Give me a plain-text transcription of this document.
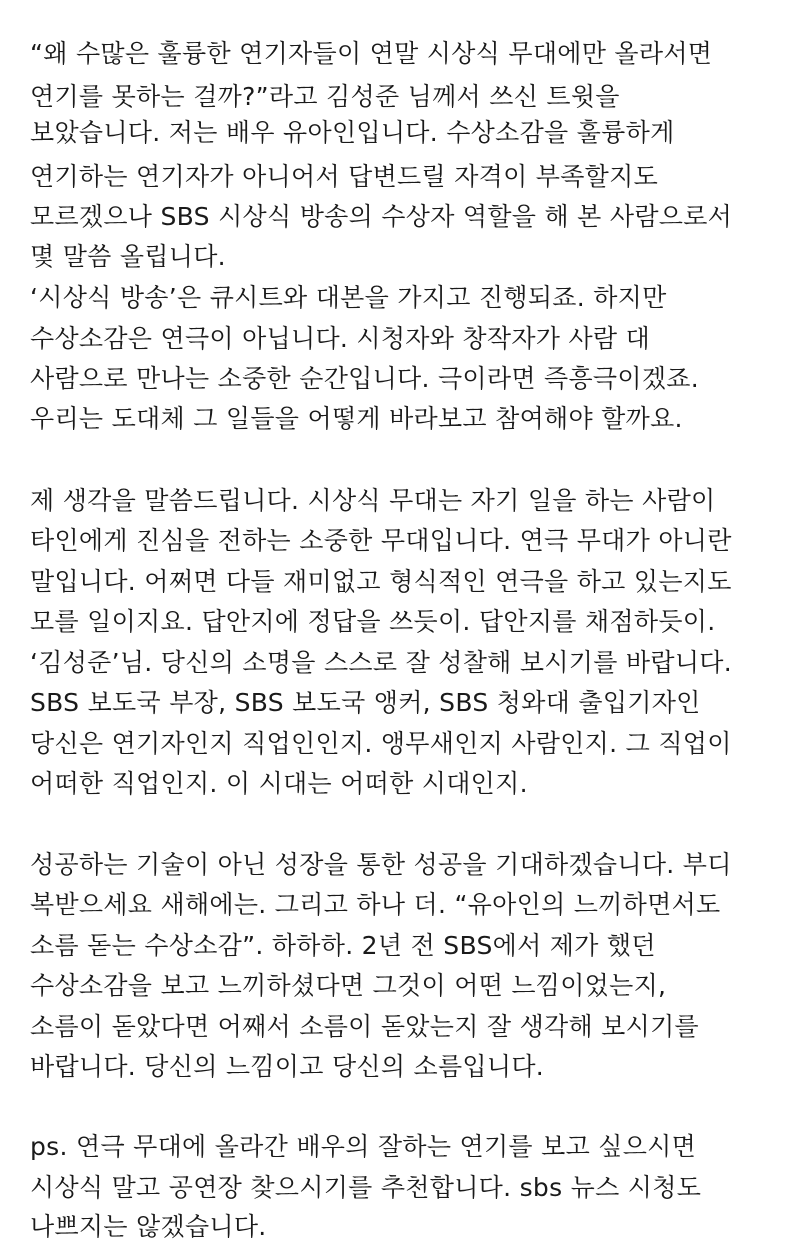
“왜 수많은 훌륭한 연기자들이 연말 시상식 무대에만 올라서면

연기를 못하는 걸까?”라고 김성준 님께서 쓰신 트윗을

보았습니다. 저는 배우 유아인입니다. 수상소감을 훌륭하게

연기하는 연기자가 아니어서 답변드릴 자격이 부족할지도

모르겠으나 SBS 시상식 방송의 수상자 역할을 해 본 사람으로서

몇 말씀 올립니다.

‘시상식 방송’은 큐시트와 대본을 가지고 진행되죠. 하지만

수상소감은 연극이 아닙니다. 시청자와 창작자가 사람 대

사람으로 만나는 소중한 순간입니다. 극이라면 즉흥극이겠죠.

우리는 도대체 그 일들을 어떻게 바라보고 참여해야 할까요.

제 생각을 말씀드립니다. 시상식 무대는 자기 일을 하는 사람이

타인에게 진심을 전하는 소중한 무대입니다. 연극 무대가 아니란

말입니다. 어쩌면 다들 재미없고 형식적인 연극을 하고 있는지도

모를 일이지요. 답안지에 정답을 쓰듯이. 답안지를 채점하듯이.

‘김성준’님. 당신의 소명을 스스로 잘 성찰해 보시기를 바랍니다.

SBS 보도국 부장, SBS 보도국 앵커, SBS 청와대 출입기자인

당신은 연기자인지 직업인인지. 앵무새인지 사람인지. 그 직업이

어떠한 직업인지. 이 시대는 어떠한 시대인지.

성공하는 기술이 아닌 성장을 통한 성공을 기대하겠습니다. 부디

복받으세요 새해에는. 그리고 하나 더. “유아인의 느끼하면서도

소름 돋는 수상소감”. 하하하. 2년 전 SBS에서 제가 했던

수상소감을 보고 느끼하셨다면 그것이 어떤 느낌이었는지,

소름이 돋았다면 어째서 소름이 돋았는지 잘 생각해 보시기를

바랍니다. 당신의 느낌이고 당신의 소름입니다.

ps. 연극 무대에 올라간 배우의 잘하는 연기를 보고 싶으시면

시상식 말고 공연장 찾으시기를 추천합니다. sbs 뉴스 시청도

나쁘지는 않겠습니다.
